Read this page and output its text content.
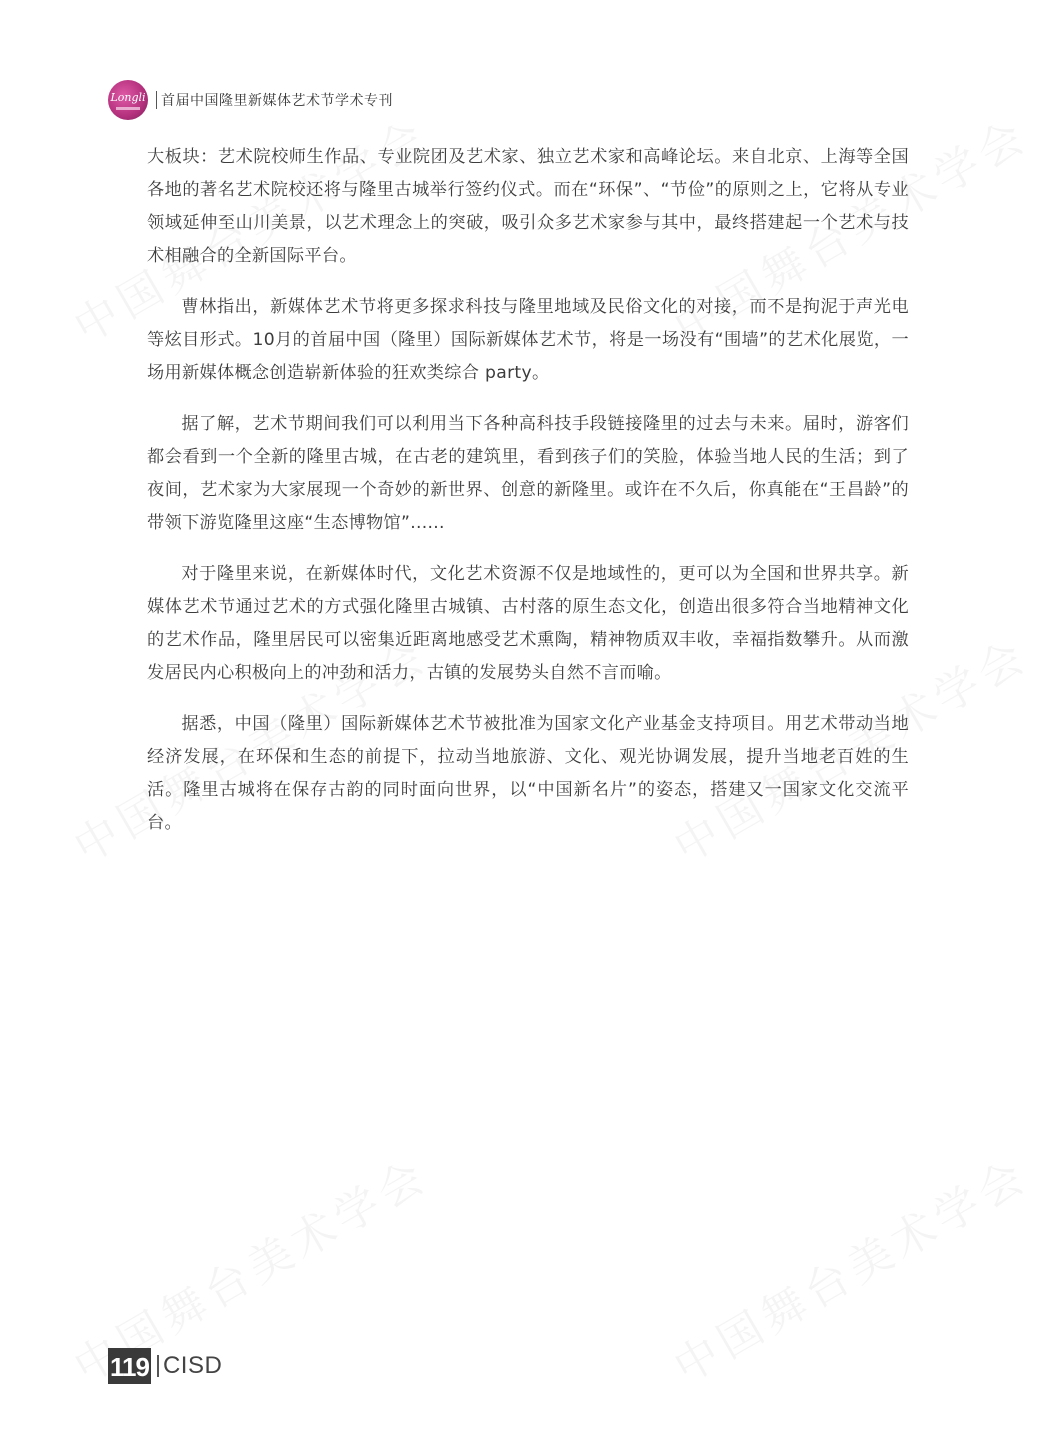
Longli 首届中国隆里新媒体艺术节学术专刊

大板块：艺术院校师生作品、专业院团及艺术家、独立艺术家和高峰论坛。来自北京、上海等全国各地的著名艺术院校还将与隆里古城举行签约仪式。而在“环保”、“节俭”的原则之上，它将从专业领域延伸至山川美景，以艺术理念上的突破，吸引众多艺术家参与其中，最终搭建起一个艺术与技术相融合的全新国际平台。

曹林指出，新媒体艺术节将更多探求科技与隆里地域及民俗文化的对接，而不是拘泥于声光电等炫目形式。10月的首届中国（隆里）国际新媒体艺术节，将是一场没有“围墙”的艺术化展览，一场用新媒体概念创造崭新体验的狂欢类综合 party。

据了解，艺术节期间我们可以利用当下各种高科技手段链接隆里的过去与未来。届时，游客们都会看到一个全新的隆里古城，在古老的建筑里，看到孩子们的笑脸，体验当地人民的生活；到了夜间，艺术家为大家展现一个奇妙的新世界、创意的新隆里。或许在不久后，你真能在“王昌龄”的带领下游览隆里这座“生态博物馆”......

对于隆里来说，在新媒体时代，文化艺术资源不仅是地域性的，更可以为全国和世界共享。新媒体艺术节通过艺术的方式强化隆里古城镇、古村落的原生态文化，创造出很多符合当地精神文化的艺术作品，隆里居民可以密集近距离地感受艺术熏陶，精神物质双丰收，幸福指数攀升。从而激发居民内心积极向上的冲劲和活力，古镇的发展势头自然不言而喻。

据悉，中国（隆里）国际新媒体艺术节被批准为国家文化产业基金支持项目。用艺术带动当地经济发展，在环保和生态的前提下，拉动当地旅游、文化、观光协调发展，提升当地老百姓的生活。隆里古城将在保存古韵的同时面向世界，以“中国新名片”的姿态，搭建又一国家文化交流平台。

119 CISD
